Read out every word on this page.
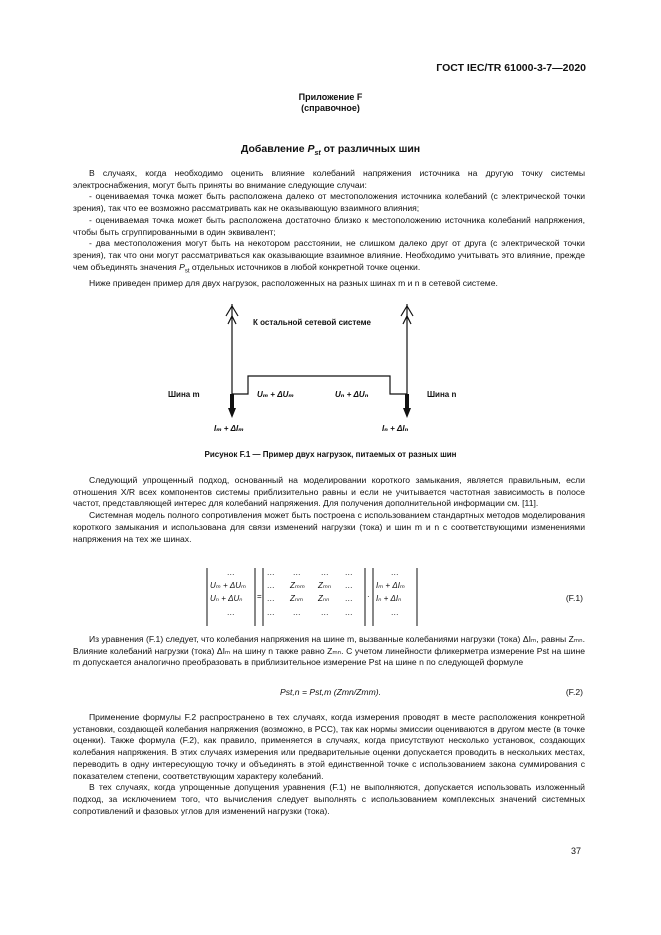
ГОСТ IEC/TR 61000-3-7—2020
Приложение F
(справочное)
Добавление $P_{st}$ от различных шин

В случаях, когда необходимо оценить влияние колебаний напряжения источника на другую точку системы электроснабжения, могут быть приняты во внимание следующие случаи:

- оцениваемая точка может быть расположена далеко от местоположения источника колебаний (с электрической точки зрения), так что ее возможно рассматривать как не оказывающую взаимного влияния;

- оцениваемая точка может быть расположена достаточно близко к местоположению источника колебаний напряжения, чтобы быть сгруппированными в один эквивалент;

- два местоположения могут быть на некотором расстоянии, не слишком далеко друг от друга (с электрической точки зрения), так что они могут рассматриваться как оказывающие взаимное влияние. Необходимо учитывать это влияние, прежде чем объединять значения $P_{st}$ отдельных источников в любой конкретной точке оценки.

Ниже приведен пример для двух нагрузок, расположенных на разных шинах m и n в сетевой системе.

К остальной сетевой системе
Шина m	Шина n
Uₘ + ΔUₘ	Uₙ + ΔUₙ
Iₘ + ΔIₘ	Iₙ + ΔIₙ
Рисунок F.1 — Пример двух нагрузок, питаемых от разных шин

Следующий упрощенный подход, основанный на моделировании короткого замыкания, является правильным, если отношения X/R всех компонентов системы приблизительно равны и если не учитывается частотная зависимость в полосе частот, представляющей интерес для колебаний напряжения. Для получения дополнительной информации см. [11].

Системная модель полного сопротивления может быть построена с использованием стандартных методов моделирования короткого замыкания и использована для связи изменений нагрузки (тока) и шин m и n с соответствующими изменениями напряжения на тех же шинах.

…
Uₘ + ΔUₘ
Uₙ + ΔUₙ
…
=
… …	… …
… Zₘₘ Zₘₙ …
… Zₙₘ Zₙₙ …
… …	… …
·
…
Iₘ + ΔIₘ
Iₙ + ΔIₙ
…
(F.1)

Из уравнения (F.1) следует, что колебания напряжения на шине m, вызванные колебаниями нагрузки (тока) ΔIₘ, равны Zₘₙ. Влияние колебаний нагрузки (тока) ΔIₘ на шину n также равно Zₘₙ. С учетом линейности фликерметра измерение Pst на шине m допускается аналогично преобразовать в приблизительное измерение Pst на шине n по следующей формуле

Pst,n = Pst,m (Zmn/Zmm).	(F.2)

Применение формулы F.2 распространено в тех случаях, когда измерения проводят в месте расположения конкретной установки, создающей колебания напряжения (возможно, в PCC), так как нормы эмиссии оцениваются в другом месте (в точке оценки). Также формула (F.2), как правило, применяется в случаях, когда присутствуют несколько установок, создающих колебания напряжения. В этих случаях измерения или предварительные оценки допускается проводить в нескольких местах, переводить в одну интересующую точку и объединять в этой единственной точке с использованием закона суммирования с показателем степени, соответствующим характеру колебаний.

В тех случаях, когда упрощенные допущения уравнения (F.1) не выполняются, допускается использовать изложенный подход, за исключением того, что вычисления следует выполнять с использованием комплексных значений системных сопротивлений и фазовых углов для изменений нагрузки (тока).

37
